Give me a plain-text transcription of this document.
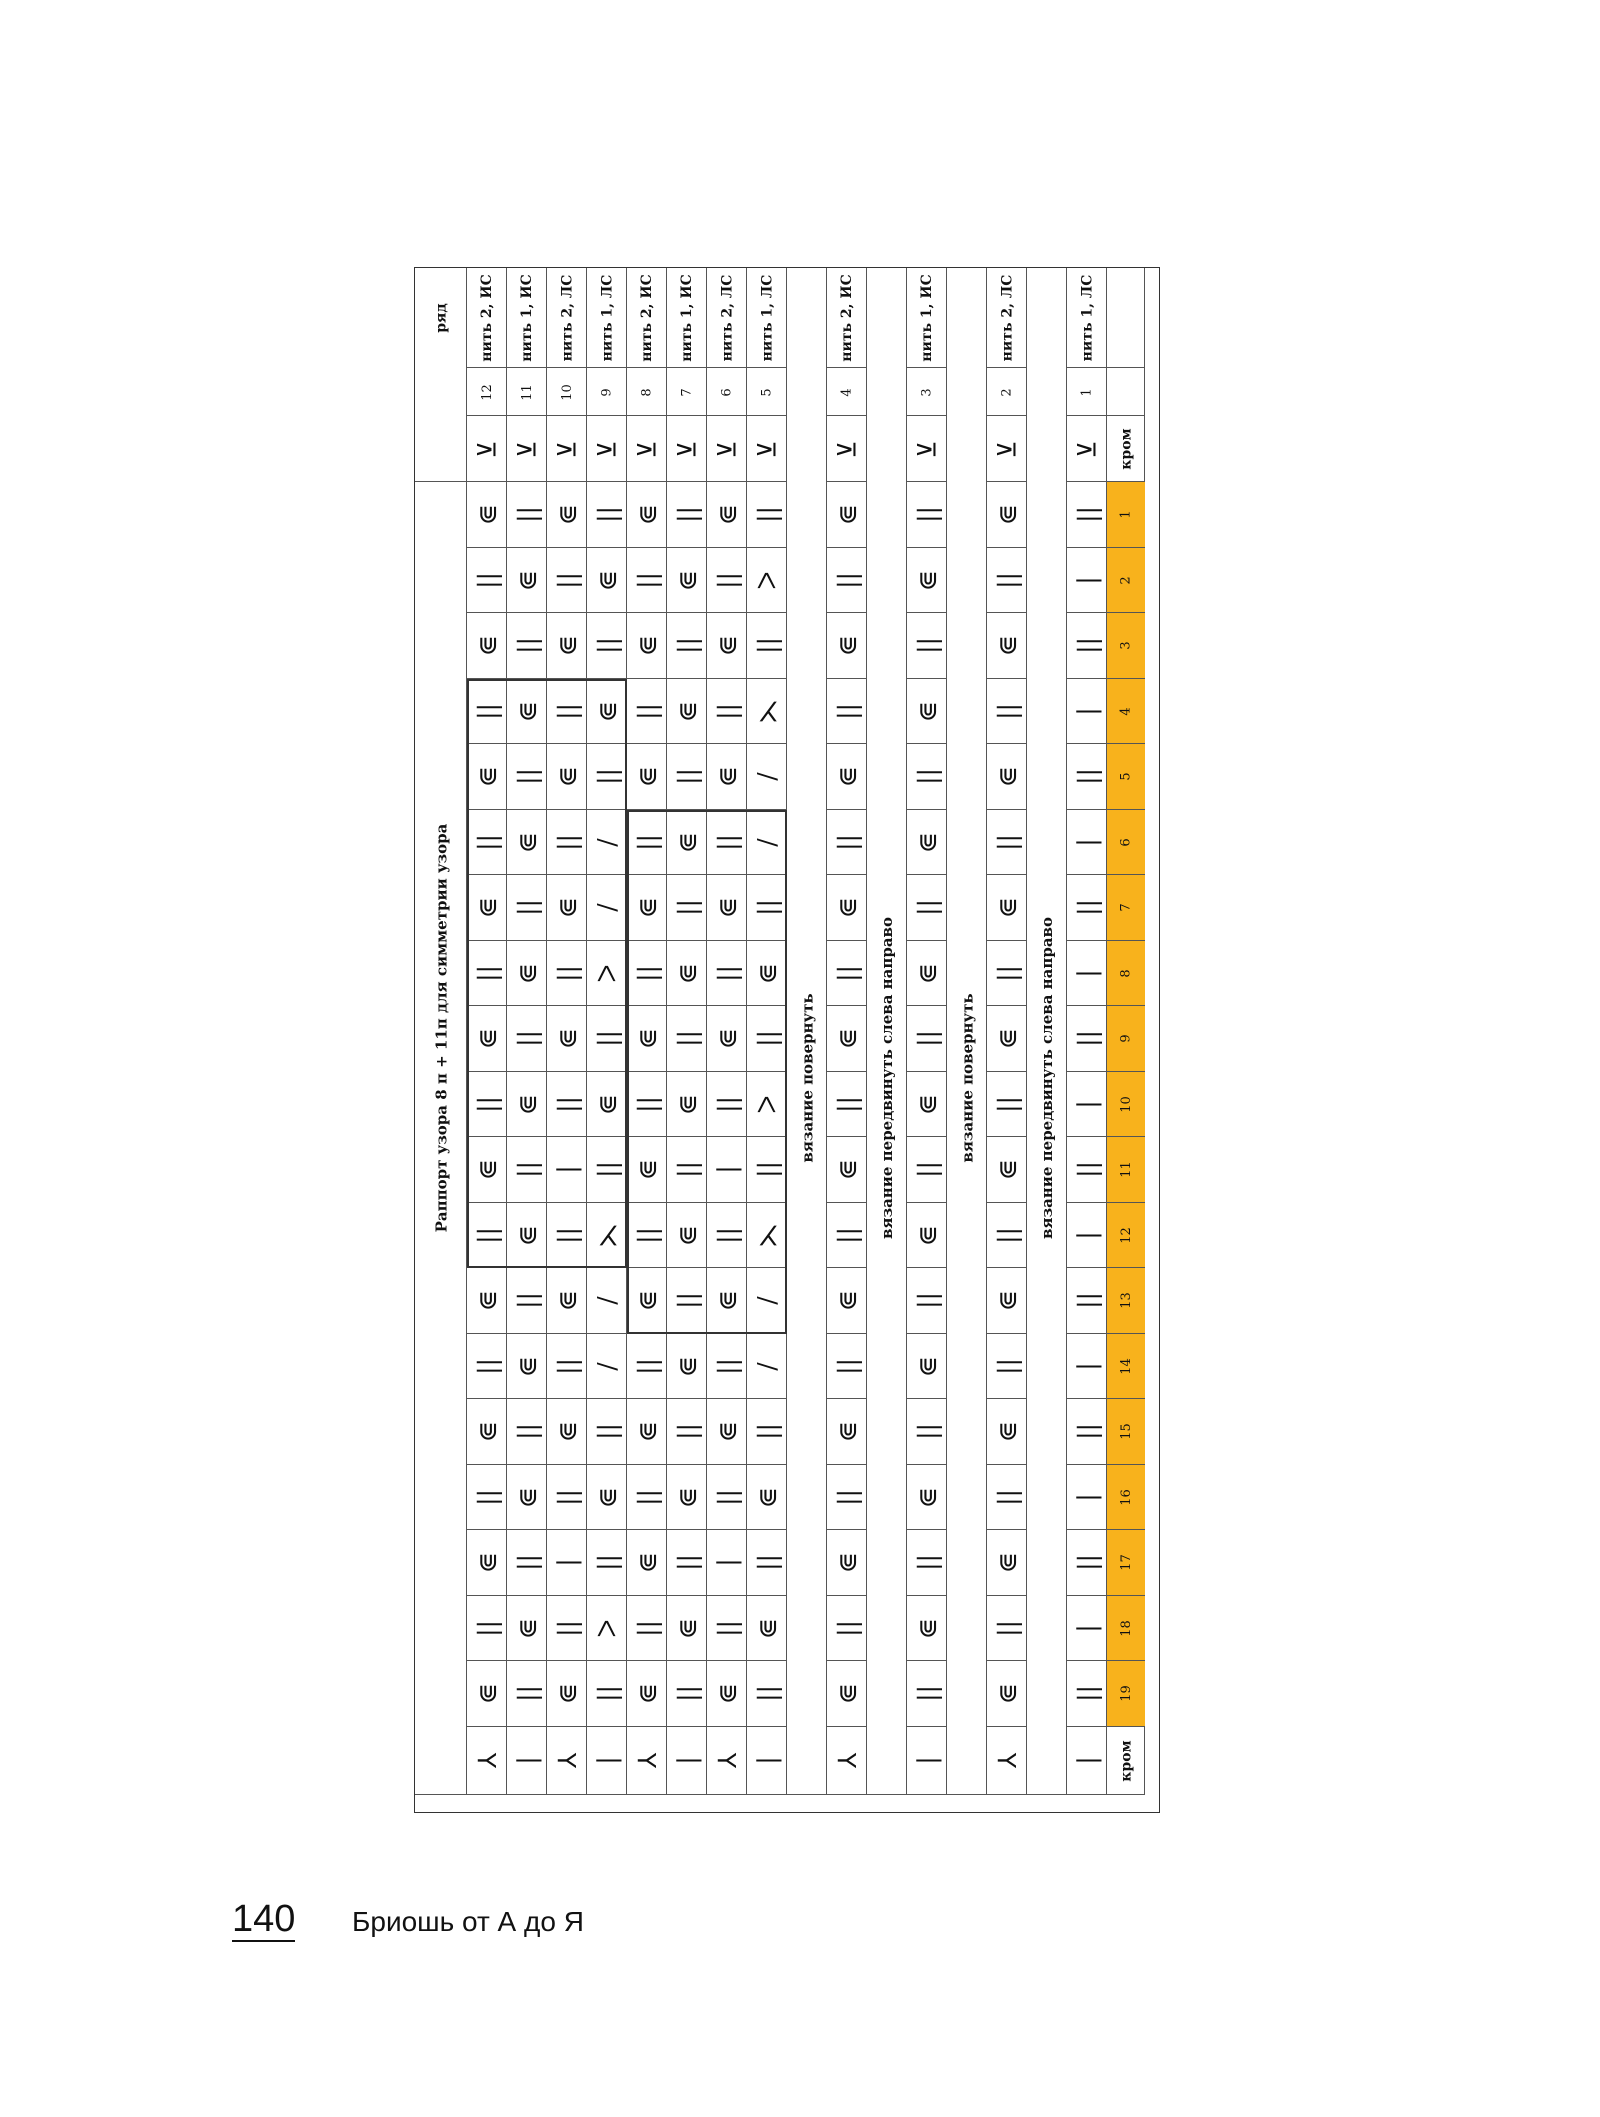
ряд
Раппорт узора 8 п + 11п для симметрии узора
нить 2, ИС
12
⊻
⋐
||
⋐
||
⋐
||
⋐
||
⋐
||
⋐
||
⋐
||
⋐
||
⋐
||
⋐
⅄
нить 1, ИС
11
⊻
||
⋐
||
⋐
||
⋐
||
⋐
||
⋐
||
⋐
||
⋐
||
⋐
||
⋐
||
|
нить 2, ЛС
10
⊻
⋐
||
⋐
||
⋐
||
⋐
||
⋐
||
|
||
⋐
||
⋐
||
|
||
⋐
⅄
нить 1, ЛС
9
⊻
||
⋐
||
⋐
||
/
/
ᐳ
||
⋐
||
⋋
/
/
||
⋐
||
ᐳ
||
|
нить 2, ИС
8
⊻
⋐
||
⋐
||
⋐
||
⋐
||
⋐
||
⋐
||
⋐
||
⋐
||
⋐
||
⋐
⅄
нить 1, ИС
7
⊻
||
⋐
||
⋐
||
⋐
||
⋐
||
⋐
||
⋐
||
⋐
||
⋐
||
⋐
||
|
нить 2, ЛС
6
⊻
⋐
||
⋐
||
⋐
||
⋐
||
⋐
||
|
||
⋐
||
⋐
||
|
||
⋐
⅄
нить 1, ЛС
5
⊻
||
ᐳ
||
⋋
/
/
||
⋐
||
ᐳ
||
⋋
/
/
||
⋐
||
⋐
||
|
вязание повернуть
нить 2, ИС
4
⊻
⋐
||
⋐
||
⋐
||
⋐
||
⋐
||
⋐
||
⋐
||
⋐
||
⋐
||
⋐
⅄
вязание передвинуть слева направо
нить 1, ИС
3
⊻
||
⋐
||
⋐
||
⋐
||
⋐
||
⋐
||
⋐
||
⋐
||
⋐
||
⋐
||
|
вязание повернуть
нить 2, ЛС
2
⊻
⋐
||
⋐
||
⋐
||
⋐
||
⋐
||
⋐
||
⋐
||
⋐
||
⋐
||
⋐
⅄
вязание передвинуть слева направо
нить 1, ЛС
1
⊻
||
|
||
|
||
|
||
|
||
|
||
|
||
|
||
|
||
|
||
|
кром
1
2
3
4
5
6
7
8
9
10
11
12
13
14
15
16
17
18
19
кром
140 Бриошь от А до Я
